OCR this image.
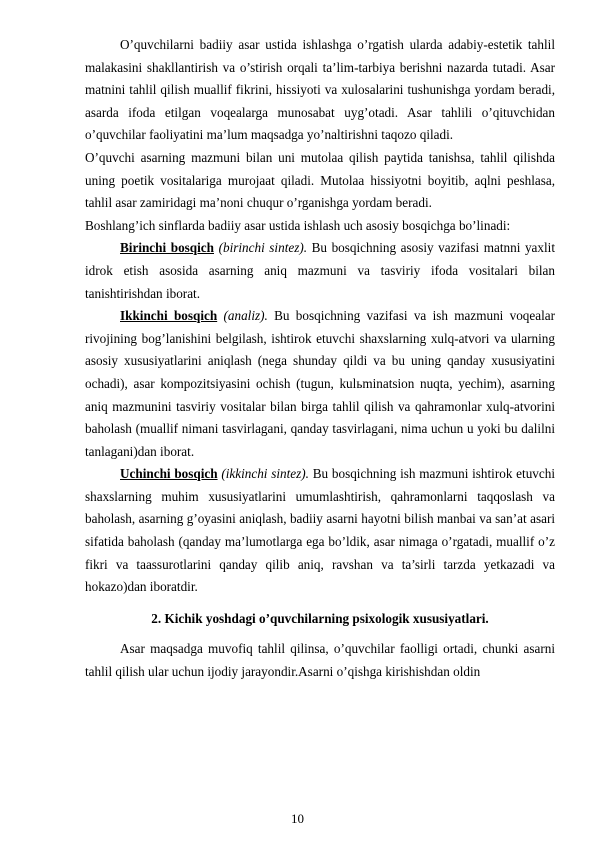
O’quvchilarni badiiy asar ustida ishlashga o’rgatish ularda adabiy-estetik tahlil malakasini shakllantirish va o’stirish orqali ta’lim-tarbiya berishni nazarda tutadi. Asar matnini tahlil qilish muallif fikrini, hissiyoti va xulosalarini tushunishga yordam beradi, asarda ifoda etilgan voqealarga munosabat uyg’otadi. Asar tahlili o’qituvchidan o’quvchilar faoliyatini ma’lum maqsadga yo’naltirishni taqozo qiladi.

O’quvchi asarning mazmuni bilan uni mutolaa qilish paytida tanishsa, tahlil qilishda uning poetik vositalariga murojaat qiladi. Mutolaa hissiyotni boyitib, aqlni peshlasa, tahlil asar zamiridagi ma’noni chuqur o’rganishga yordam beradi.

Boshlang’ich sinflarda badiiy asar ustida ishlash uch asosiy bosqichga bo’linadi:

Birinchi bosqich (birinchi sintez). Bu bosqichning asosiy vazifasi matnni yaxlit idrok etish asosida asarning aniq mazmuni va tasviriy ifoda vositalari bilan tanishtirishdan iborat.

Ikkinchi bosqich (analiz). Bu bosqichning vazifasi va ish mazmuni voqealar rivojining bog’lanishini belgilash, ishtirok etuvchi shaxslarning xulq-atvori va ularning asosiy xususiyatlarini aniqlash (nega shunday qildi va bu uning qanday xususiyatini ochadi), asar kompozitsiyasini ochish (tugun, kulьminatsion nuqta, yechim), asarning aniq mazmunini tasviriy vositalar bilan birga tahlil qilish va qahramonlar xulq-atvorini baholash (muallif nimani tasvirlagani, qanday tasvirlagani, nima uchun u yoki bu dalilni tanlagani)dan iborat.

Uchinchi bosqich (ikkinchi sintez). Bu bosqichning ish mazmuni ishtirok etuvchi shaxslarning muhim xususiyatlarini umumlashtirish, qahramonlarni taqqoslash va baholash, asarning g’oyasini aniqlash, badiiy asarni hayotni bilish manbai va san’at asari sifatida baholash (qanday ma’lumotlarga ega bo’ldik, asar nimaga o’rgatadi, muallif o’z fikri va taassurotlarini qanday qilib aniq, ravshan va ta’sirli tarzda yetkazadi va hokazo)dan iboratdir.

2. Kichik yoshdagi o’quvchilarning psixologik xususiyatlari.

Asar maqsadga muvofiq tahlil qilinsa, o’quvchilar faolligi ortadi, chunki asarni tahlil qilish ular uchun ijodiy jarayondir.Asarni o’qishga kirishishdan oldin

10
